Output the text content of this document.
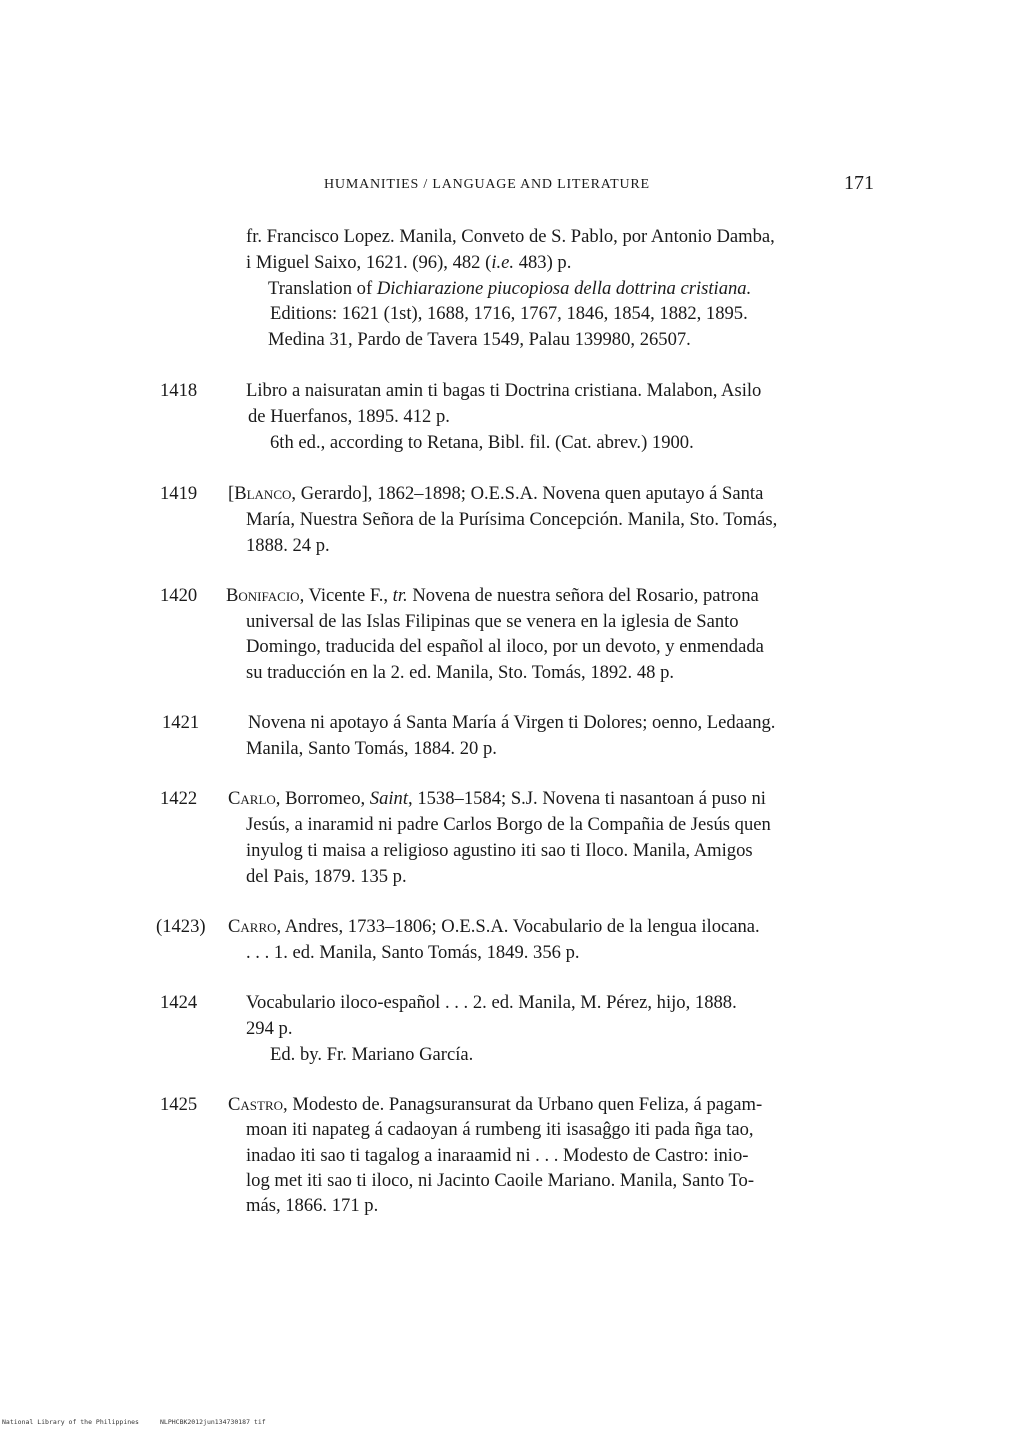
HUMANITIES / LANGUAGE AND LITERATURE	171
fr. Francisco Lopez. Manila, Conveto de S. Pablo, por Antonio Damba,
i Miguel Saixo, 1621. (96), 482 (i.e. 483) p.
Translation of Dichiarazione piucopiosa della dottrina cristiana.
Editions: 1621 (1st), 1688, 1716, 1767, 1846, 1854, 1882, 1895.
Medina 31, Pardo de Tavera 1549, Palau 139980, 26507.
1418	Libro a naisuratan amin ti bagas ti Doctrina cristiana. Malabon, Asilo
de Huerfanos, 1895. 412 p.
6th ed., according to Retana, Bibl. fil. (Cat. abrev.) 1900.
1419 [Blanco, Gerardo], 1862–1898; O.E.S.A. Novena quen aputayo á Santa
María, Nuestra Señora de la Purísima Concepción. Manila, Sto. Tomás,
1888. 24 p.
1420 Bonifacio, Vicente F., tr. Novena de nuestra señora del Rosario, patrona
universal de las Islas Filipinas que se venera en la iglesia de Santo
Domingo, traducida del español al iloco, por un devoto, y enmendada
su traducción en la 2. ed. Manila, Sto. Tomás, 1892. 48 p.
1421	Novena ni apotayo á Santa María á Virgen ti Dolores; oenno, Ledaang.
Manila, Santo Tomás, 1884. 20 p.
1422 Carlo, Borromeo, Saint, 1538–1584; S.J. Novena ti nasantoan á puso ni
Jesús, a inaramid ni padre Carlos Borgo de la Compañia de Jesús quen
inyulog ti maisa a religioso agustino iti sao ti Iloco. Manila, Amigos
del Pais, 1879. 135 p.
(1423) Carro, Andres, 1733–1806; O.E.S.A. Vocabulario de la lengua ilocana.
. . . 1. ed. Manila, Santo Tomás, 1849. 356 p.
1424	Vocabulario iloco-español . . . 2. ed. Manila, M. Pérez, hijo, 1888.
294 p.
Ed. by. Fr. Mariano García.
1425 Castro, Modesto de. Panagsuransurat da Urbano quen Feliza, á pagam-
moan iti napateg á cadaoyan á rumbeng iti isasaĝgo iti pada ñga tao,
inadao iti sao ti tagalog a inaraamid ni . . . Modesto de Castro: inio-
log met iti sao ti iloco, ni Jacinto Caoile Mariano. Manila, Santo To-
más, 1866. 171 p.
National Library of the Philippines	NLPHCBK2012jun134730187 tif
